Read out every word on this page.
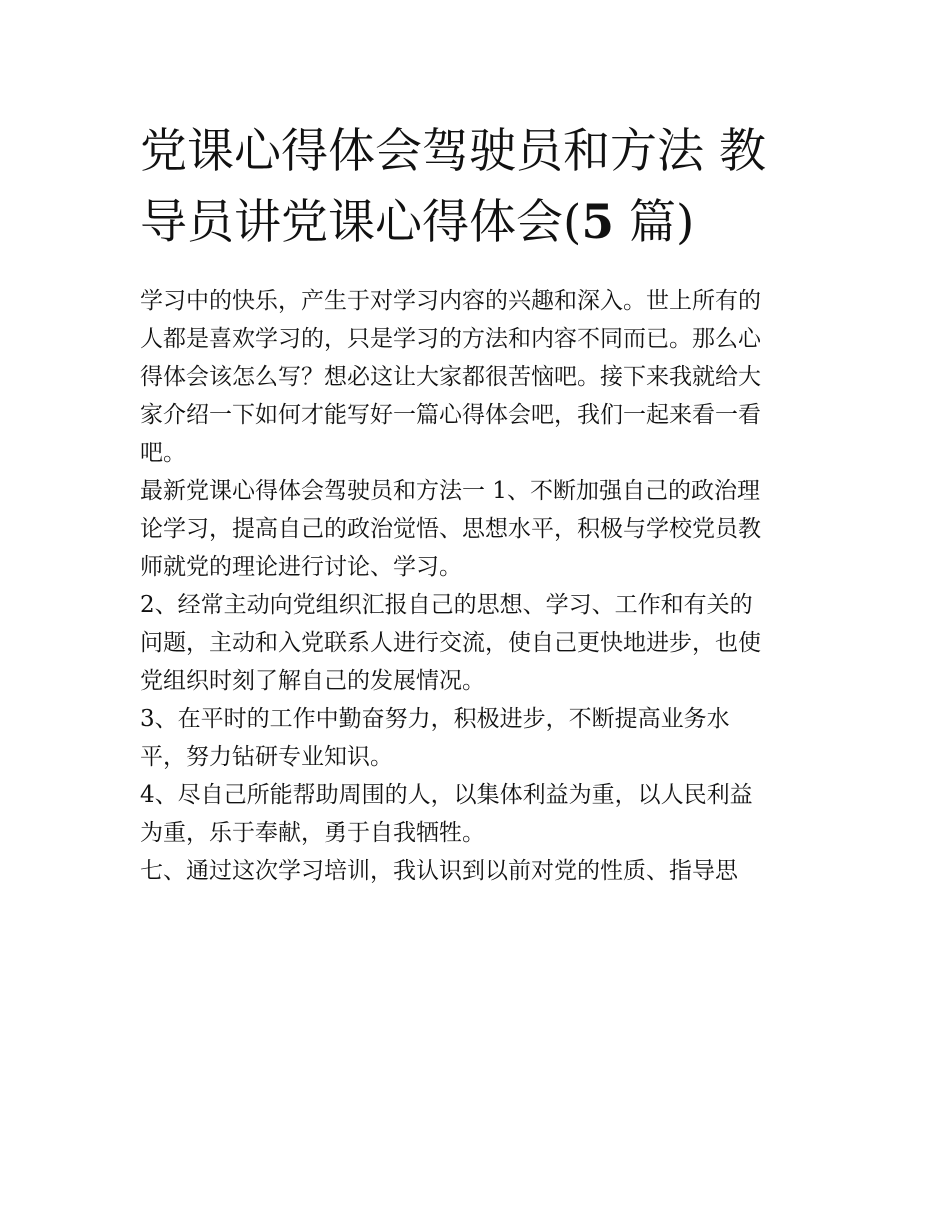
党课心得体会驾驶员和方法 教
导员讲党课心得体会(5 篇)

学习中的快乐，产生于对学习内容的兴趣和深入。世上所有的
人都是喜欢学习的，只是学习的方法和内容不同而已。那么心
得体会该怎么写？想必这让大家都很苦恼吧。接下来我就给大
家介绍一下如何才能写好一篇心得体会吧，我们一起来看一看
吧。

最新党课心得体会驾驶员和方法一 1、不断加强自己的政治理
论学习，提高自己的政治觉悟、思想水平，积极与学校党员教
师就党的理论进行讨论、学习。

2、经常主动向党组织汇报自己的思想、学习、工作和有关的
问题，主动和入党联系人进行交流，使自己更快地进步，也使
党组织时刻了解自己的发展情况。

3、在平时的工作中勤奋努力，积极进步，不断提高业务水
平，努力钻研专业知识。

4、尽自己所能帮助周围的人，以集体利益为重，以人民利益
为重，乐于奉献，勇于自我牺牲。

七、通过这次学习培训，我认识到以前对党的性质、指导思
